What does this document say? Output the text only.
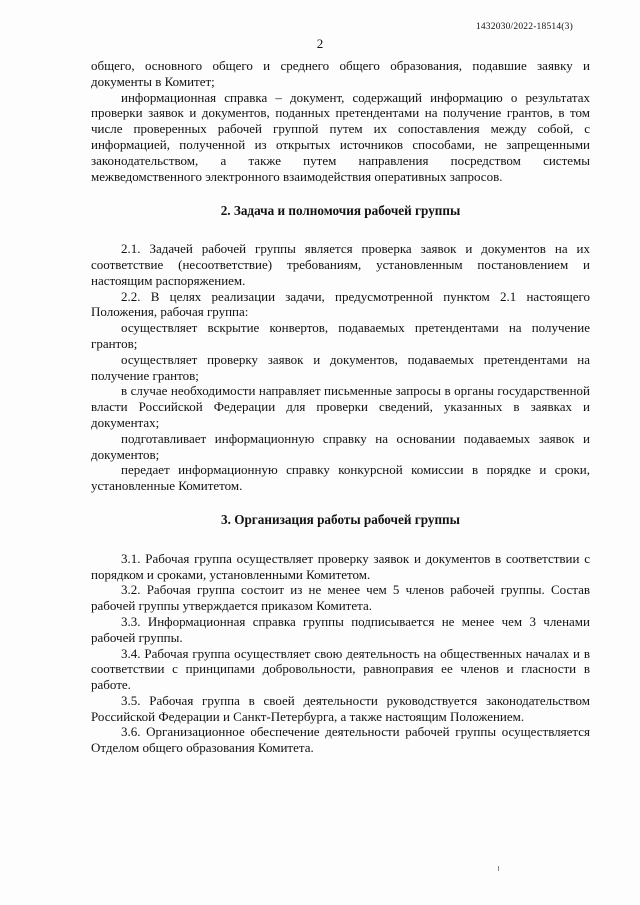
1432030/2022-18514(3)
2

общего, основного общего и среднего общего образования, подавшие заявку и документы в Комитет;

информационная справка – документ, содержащий информацию о результатах проверки заявок и документов, поданных претендентами на получение грантов, в том числе проверенных рабочей группой путем их сопоставления между собой, с информацией, полученной из открытых источников способами, не запрещенными законодательством, а также путем направления посредством системы межведомственного электронного взаимодействия оперативных запросов.

2. Задача и полномочия рабочей группы

2.1. Задачей рабочей группы является проверка заявок и документов на их соответствие (несоответствие) требованиям, установленным постановлением и настоящим распоряжением.

2.2. В целях реализации задачи, предусмотренной пунктом 2.1 настоящего Положения, рабочая группа:

осуществляет вскрытие конвертов, подаваемых претендентами на получение грантов;

осуществляет проверку заявок и документов, подаваемых претендентами на получение грантов;

в случае необходимости направляет письменные запросы в органы государственной власти Российской Федерации для проверки сведений, указанных в заявках и документах;

подготавливает информационную справку на основании подаваемых заявок и документов;

передает информационную справку конкурсной комиссии в порядке и сроки, установленные Комитетом.

3. Организация работы рабочей группы

3.1. Рабочая группа осуществляет проверку заявок и документов в соответствии с порядком и сроками, установленными Комитетом.

3.2. Рабочая группа состоит из не менее чем 5 членов рабочей группы. Состав рабочей группы утверждается приказом Комитета.

3.3. Информационная справка группы подписывается не менее чем 3 членами рабочей группы.

3.4. Рабочая группа осуществляет свою деятельность на общественных началах и в соответствии с принципами добровольности, равноправия ее членов и гласности в работе.

3.5. Рабочая группа в своей деятельности руководствуется законодательством Российской Федерации и Санкт-Петербурга, а также настоящим Положением.

3.6. Организационное обеспечение деятельности рабочей группы осуществляется Отделом общего образования Комитета.
